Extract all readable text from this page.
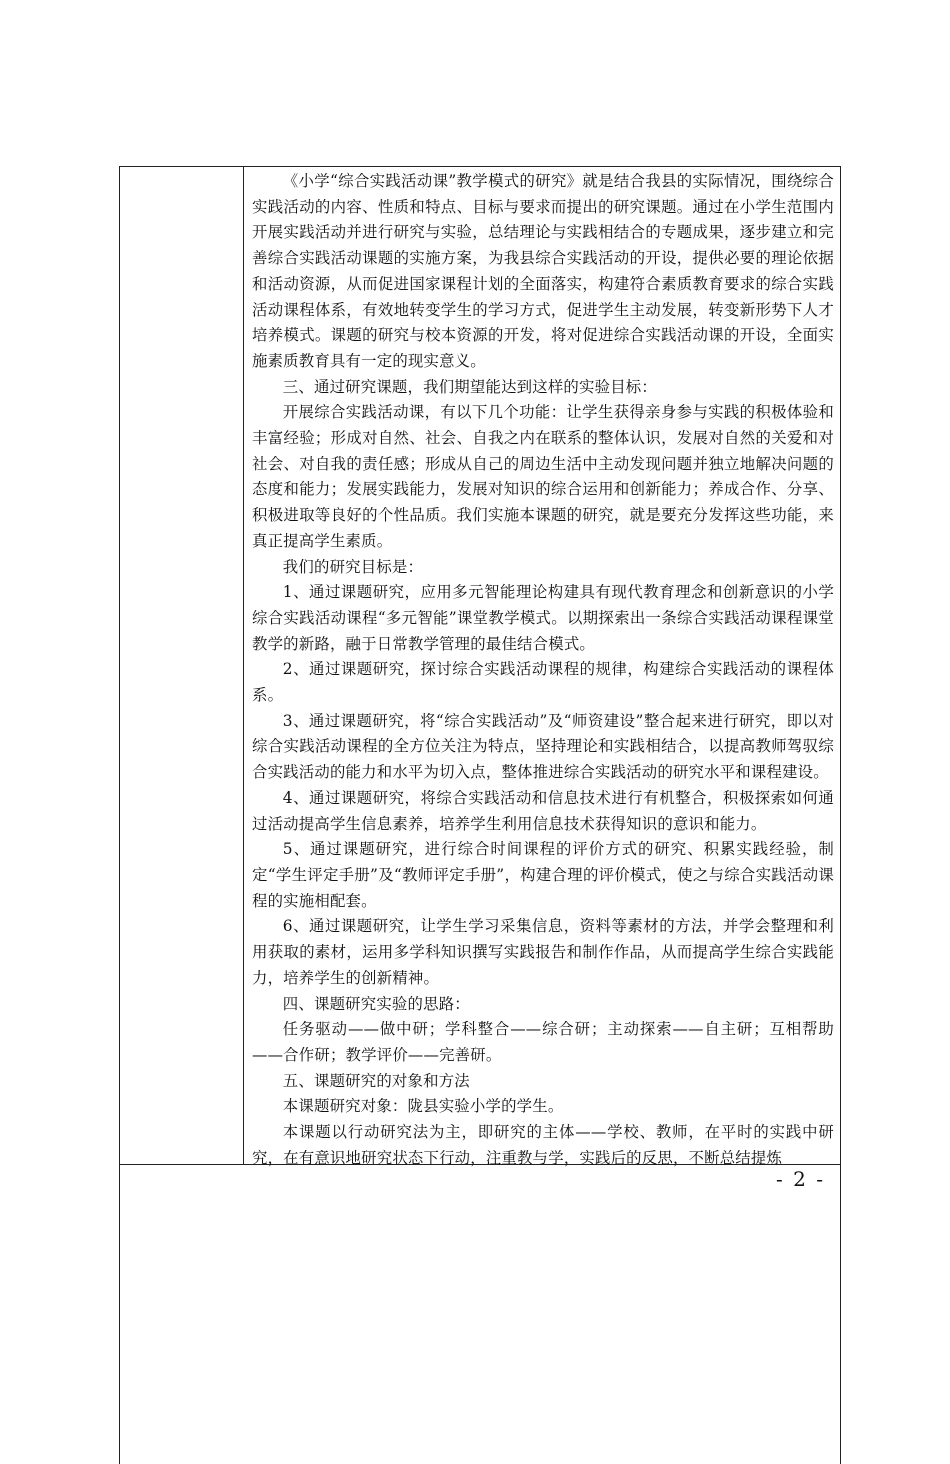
《小学“综合实践活动课”教学模式的研究》就是结合我县的实际情况，围绕综合实践活动的内容、性质和特点、目标与要求而提出的研究课题。通过在小学生范围内开展实践活动并进行研究与实验，总结理论与实践相结合的专题成果，逐步建立和完善综合实践活动课题的实施方案，为我县综合实践活动的开设，提供必要的理论依据和活动资源，从而促进国家课程计划的全面落实，构建符合素质教育要求的综合实践活动课程体系，有效地转变学生的学习方式，促进学生主动发展，转变新形势下人才培养模式。课题的研究与校本资源的开发，将对促进综合实践活动课的开设，全面实施素质教育具有一定的现实意义。

三、通过研究课题，我们期望能达到这样的实验目标：

开展综合实践活动课，有以下几个功能：让学生获得亲身参与实践的积极体验和丰富经验；形成对自然、社会、自我之内在联系的整体认识，发展对自然的关爱和对社会、对自我的责任感；形成从自己的周边生活中主动发现问题并独立地解决问题的态度和能力；发展实践能力，发展对知识的综合运用和创新能力；养成合作、分享、积极进取等良好的个性品质。我们实施本课题的研究，就是要充分发挥这些功能，来真正提高学生素质。

我们的研究目标是：

1、通过课题研究，应用多元智能理论构建具有现代教育理念和创新意识的小学综合实践活动课程“多元智能”课堂教学模式。以期探索出一条综合实践活动课程课堂教学的新路，融于日常教学管理的最佳结合模式。

2、通过课题研究，探讨综合实践活动课程的规律，构建综合实践活动的课程体系。

3、通过课题研究，将“综合实践活动”及“师资建设”整合起来进行研究，即以对综合实践活动课程的全方位关注为特点，坚持理论和实践相结合，以提高教师驾驭综合实践活动的能力和水平为切入点，整体推进综合实践活动的研究水平和课程建设。

4、通过课题研究，将综合实践活动和信息技术进行有机整合，积极探索如何通过活动提高学生信息素养，培养学生利用信息技术获得知识的意识和能力。

5、通过课题研究，进行综合时间课程的评价方式的研究、积累实践经验，制定“学生评定手册”及“教师评定手册”，构建合理的评价模式，使之与综合实践活动课程的实施相配套。

6、通过课题研究，让学生学习采集信息，资料等素材的方法，并学会整理和利用获取的素材，运用多学科知识撰写实践报告和制作作品，从而提高学生综合实践能力，培养学生的创新精神。

四、课题研究实验的思路：

任务驱动——做中研；学科整合——综合研；主动探索——自主研；互相帮助——合作研；教学评价——完善研。

五、课题研究的对象和方法

本课题研究对象：陇县实验小学的学生。

本课题以行动研究法为主，即研究的主体——学校、教师，在平时的实践中研究，在有意识地研究状态下行动，注重教与学，实践后的反思，不断总结提炼

- 2 -
